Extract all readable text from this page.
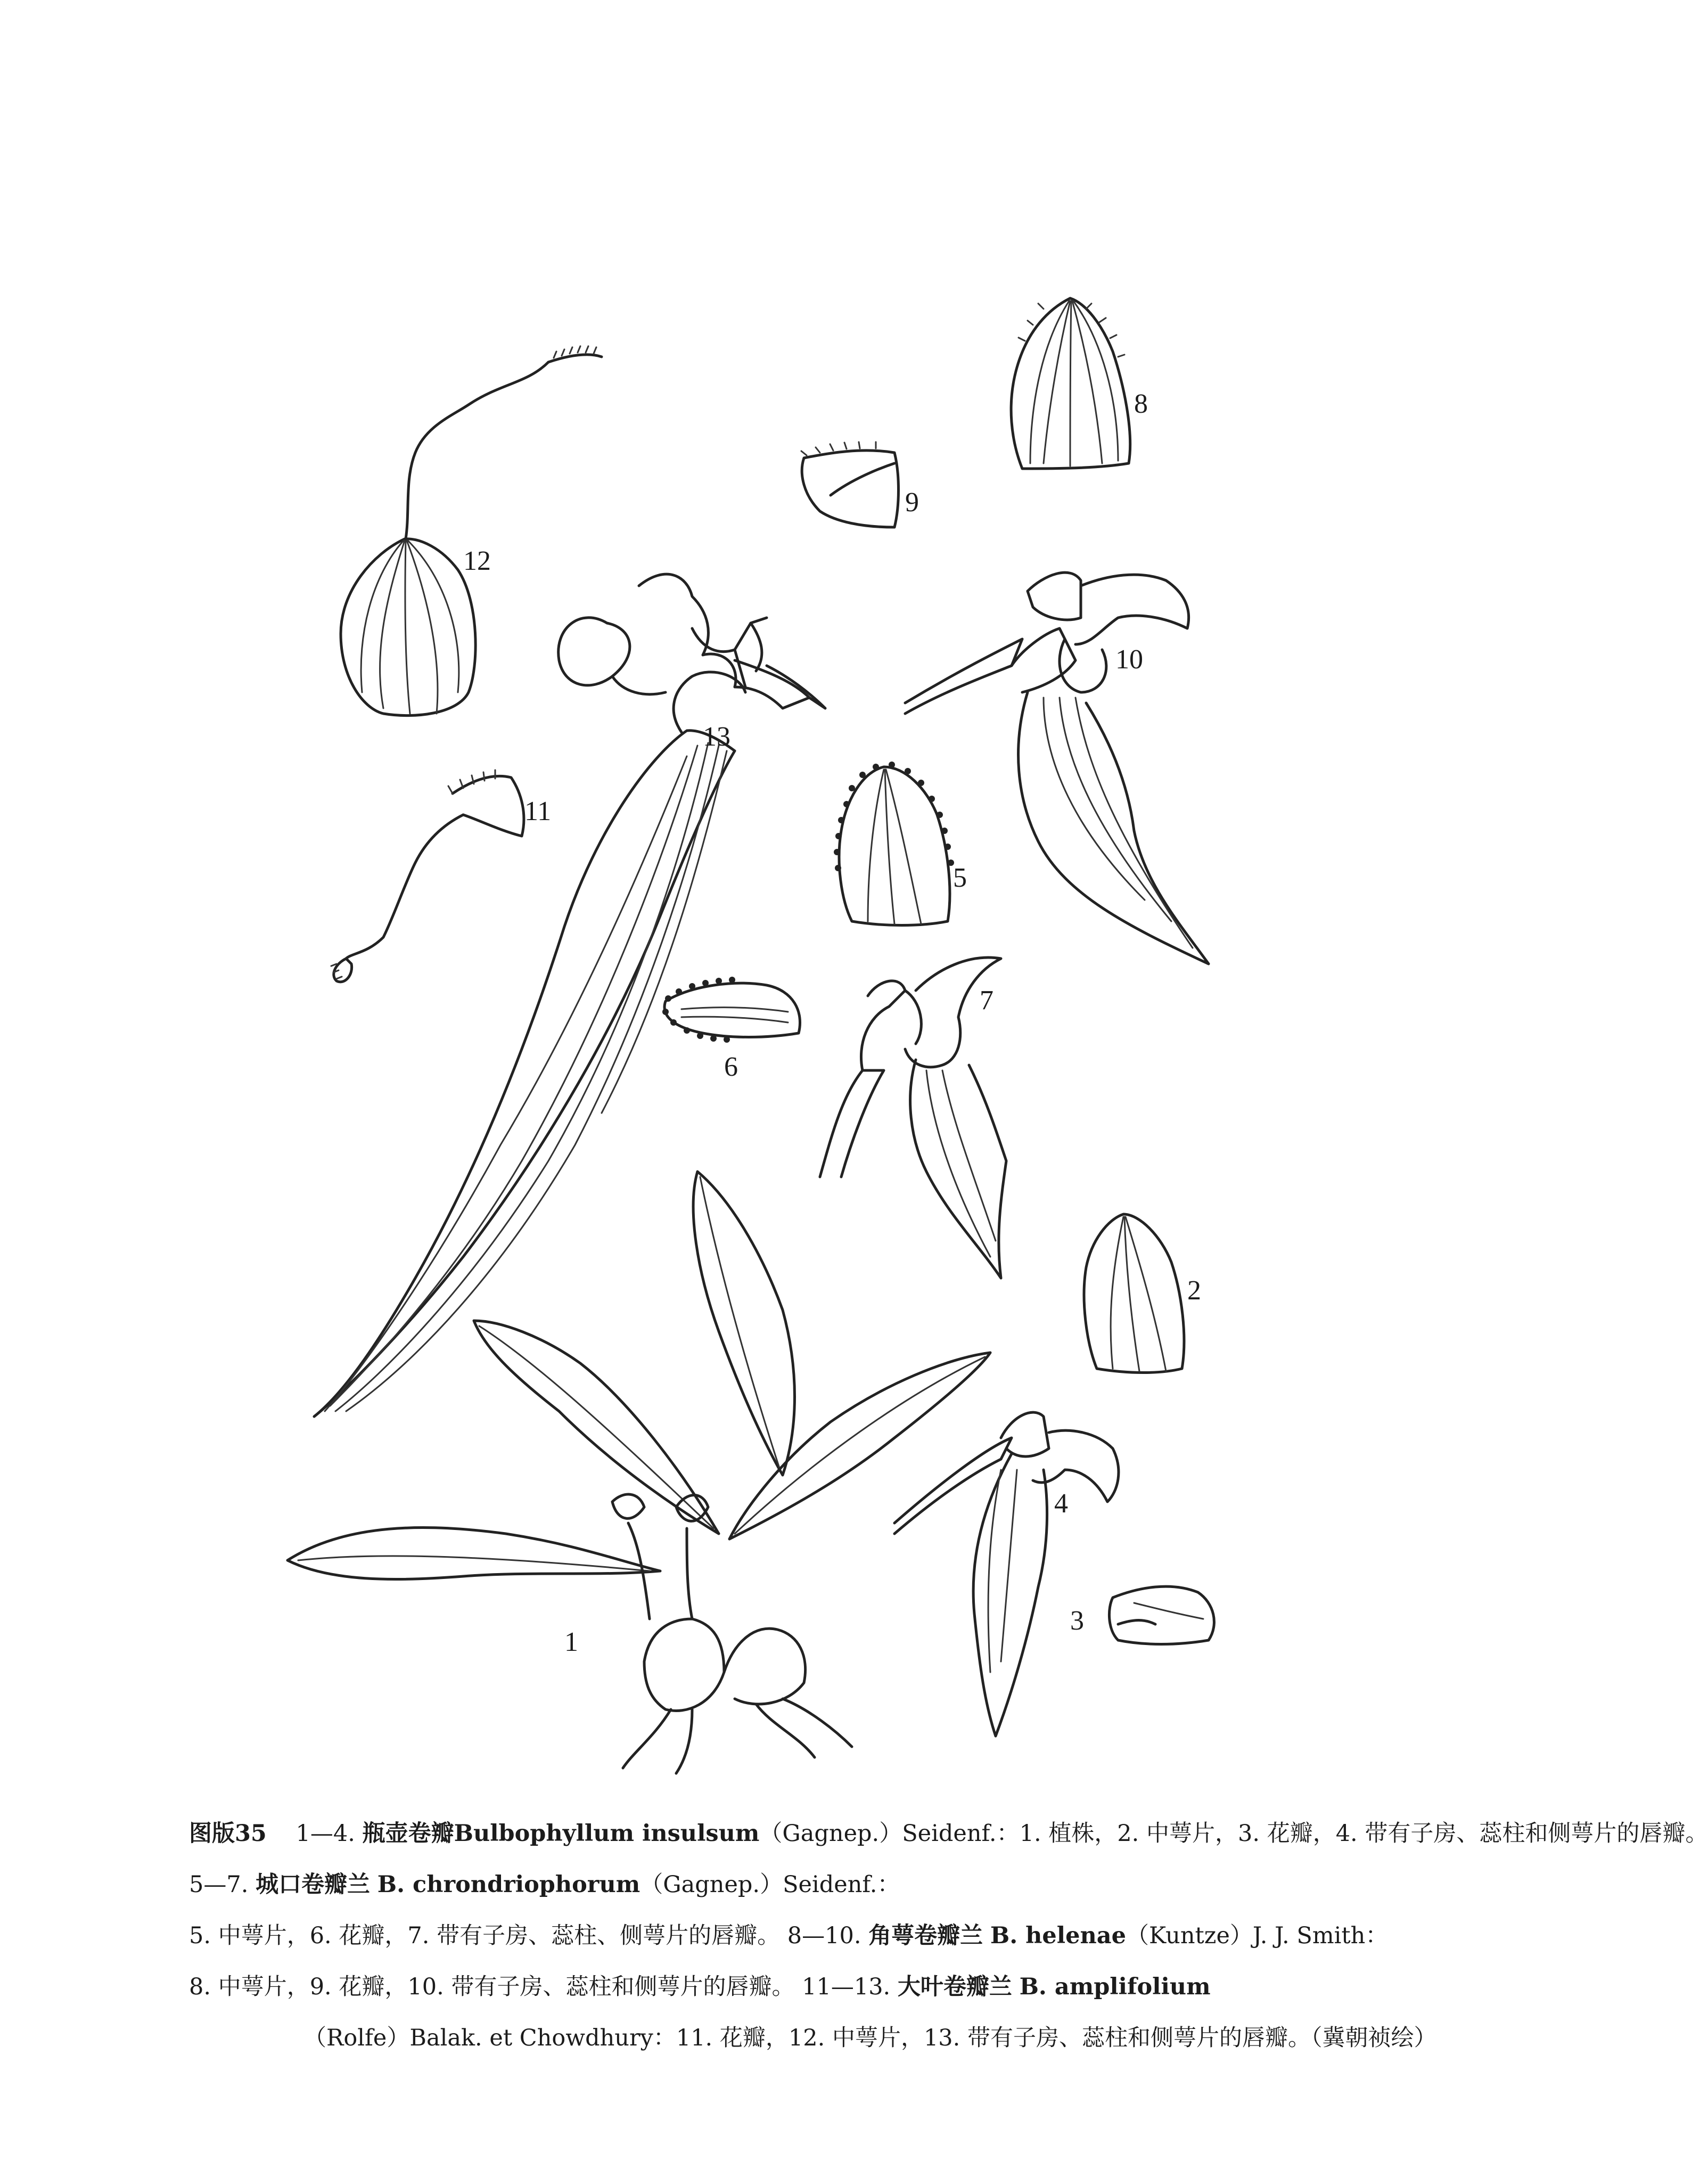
1
2
3
4
5
6
7
8
9
10
11
12
13
图版35 1—4. 瓶壶卷瓣Bulbophyllum insulsum（Gagnep.）Seidenf.：1. 植株，2. 中萼片，3. 花瓣，4. 带有子房、蕊柱和侧萼片的唇瓣。
5—7. 城口卷瓣兰 B. chrondriophorum（Gagnep.）Seidenf.：
5. 中萼片，6. 花瓣，7. 带有子房、蕊柱、侧萼片的唇瓣。 8—10. 角萼卷瓣兰 B. helenae（Kuntze）J. J. Smith：
8. 中萼片，9. 花瓣，10. 带有子房、蕊柱和侧萼片的唇瓣。 11—13. 大叶卷瓣兰 B. amplifolium
（Rolfe）Balak. et Chowdhury：11. 花瓣，12. 中萼片，13. 带有子房、蕊柱和侧萼片的唇瓣。（冀朝祯绘）
